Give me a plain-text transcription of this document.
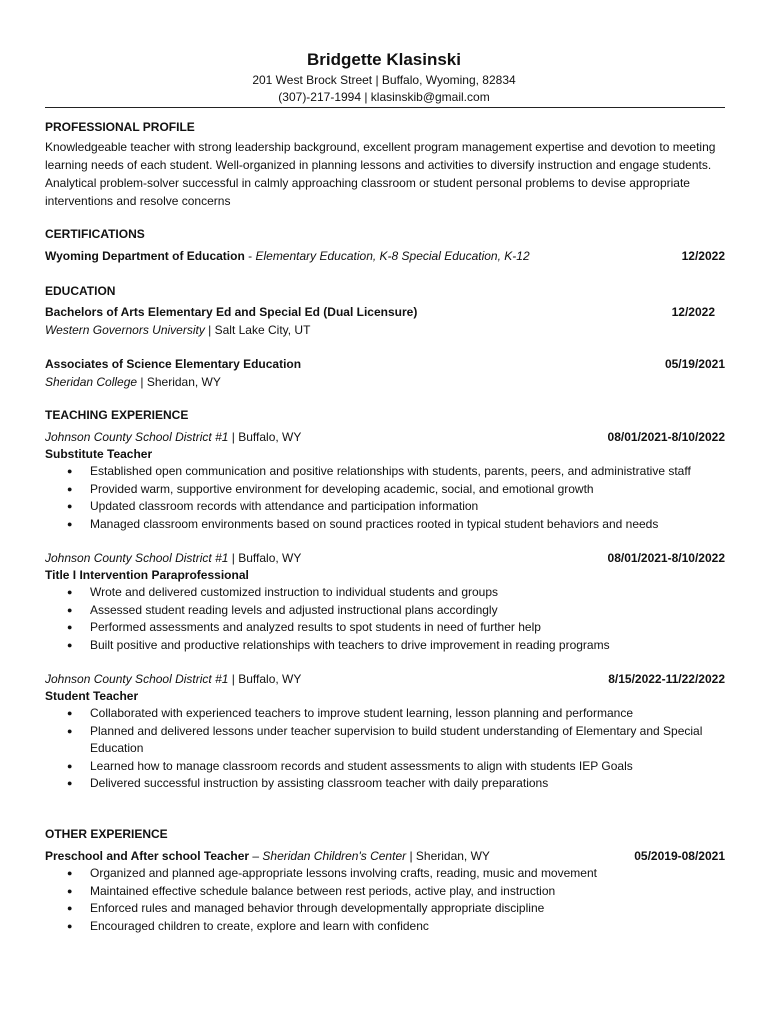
Bridgette Klasinski
201 West Brock Street | Buffalo, Wyoming, 82834
(307)-217-1994 | klasinskib@gmail.com
PROFESSIONAL PROFILE
Knowledgeable teacher with strong leadership background, excellent program management expertise and devotion to meeting learning needs of each student. Well-organized in planning lessons and activities to diversify instruction and engage students. Analytical problem-solver successful in calmly approaching classroom or student personal problems to devise appropriate interventions and resolve concerns
CERTIFICATIONS
Wyoming Department of Education - Elementary Education, K-8 Special Education, K-12	12/2022
EDUCATION
Bachelors of Arts Elementary Ed and Special Ed (Dual Licensure)	12/2022
Western Governors University | Salt Lake City, UT
Associates of Science Elementary Education	05/19/2021
Sheridan College | Sheridan, WY
TEACHING EXPERIENCE
Johnson County School District #1 | Buffalo, WY	08/01/2021-8/10/2022
Substitute Teacher
● Established open communication and positive relationships with students, parents, peers, and administrative staff
● Provided warm, supportive environment for developing academic, social, and emotional growth
● Updated classroom records with attendance and participation information
● Managed classroom environments based on sound practices rooted in typical student behaviors and needs
Johnson County School District #1 | Buffalo, WY	08/01/2021-8/10/2022
Title I Intervention Paraprofessional
● Wrote and delivered customized instruction to individual students and groups
● Assessed student reading levels and adjusted instructional plans accordingly
● Performed assessments and analyzed results to spot students in need of further help
● Built positive and productive relationships with teachers to drive improvement in reading programs
Johnson County School District #1 | Buffalo, WY	8/15/2022-11/22/2022
Student Teacher
● Collaborated with experienced teachers to improve student learning, lesson planning and performance
● Planned and delivered lessons under teacher supervision to build student understanding of Elementary and Special Education
● Learned how to manage classroom records and student assessments to align with students IEP Goals
● Delivered successful instruction by assisting classroom teacher with daily preparations
OTHER EXPERIENCE
Preschool and After school Teacher – Sheridan Children's Center | Sheridan, WY	05/2019-08/2021
● Organized and planned age-appropriate lessons involving crafts, reading, music and movement
● Maintained effective schedule balance between rest periods, active play, and instruction
● Enforced rules and managed behavior through developmentally appropriate discipline
● Encouraged children to create, explore and learn with confidenc
